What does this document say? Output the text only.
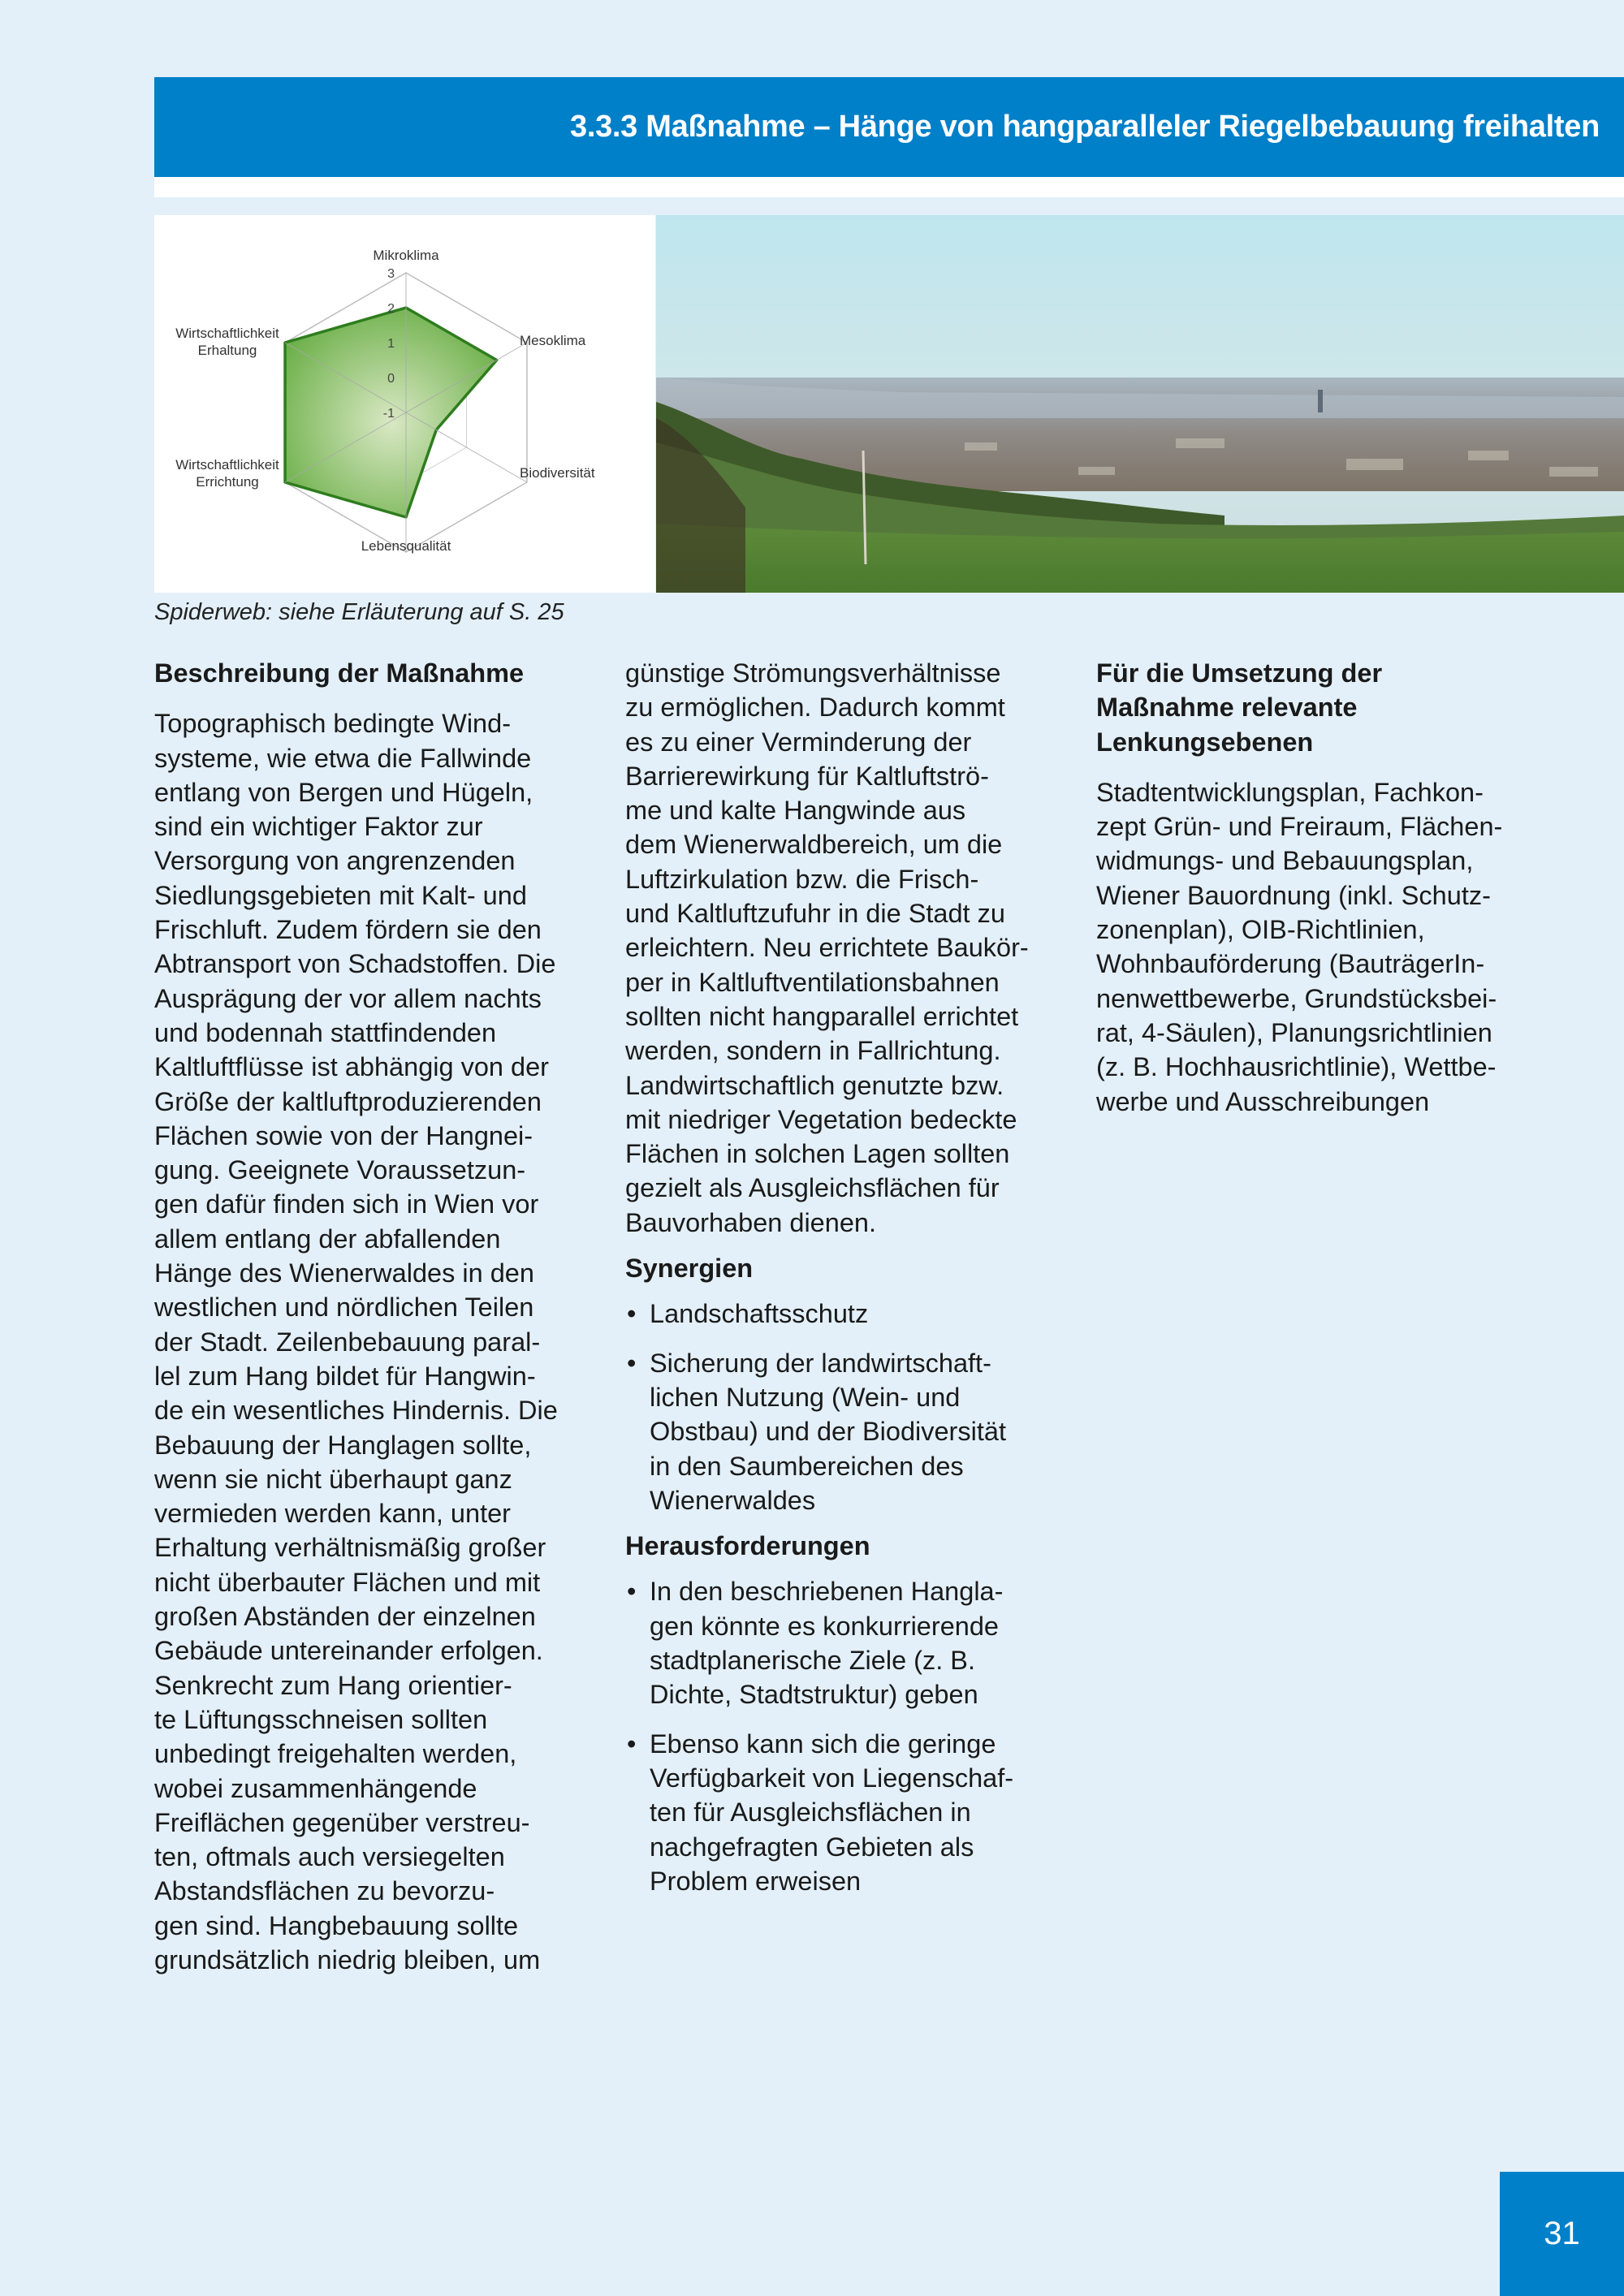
3.3.3 Maßnahme – Hänge von hangparalleler Riegelbebauung freihalten
3
2
1
0
-1
Mikroklima
Mesoklima
Biodiversität
Lebensqualität
Wirtschaftlichkeit
Errichtung
Wirtschaftlichkeit
Erhaltung
Spiderweb: siehe Erläuterung auf S. 25
Beschreibung der Maßnahme
Topographisch bedingte Wind-
systeme, wie etwa die Fallwinde
entlang von Bergen und Hügeln,
sind ein wichtiger Faktor zur
Versorgung von angrenzenden
Siedlungsgebieten mit Kalt- und
Frischluft. Zudem fördern sie den
Abtransport von Schadstoffen. Die
Ausprägung der vor allem nachts
und bodennah stattfindenden
Kaltluftflüsse ist abhängig von der
Größe der kaltluftproduzierenden
Flächen sowie von der Hangnei-
gung. Geeignete Voraussetzun-
gen dafür finden sich in Wien vor
allem entlang der abfallenden
Hänge des Wienerwaldes in den
westlichen und nördlichen Teilen
der Stadt. Zeilenbebauung paral-
lel zum Hang bildet für Hangwin-
de ein wesentliches Hindernis. Die
Bebauung der Hanglagen sollte,
wenn sie nicht überhaupt ganz
vermieden werden kann, unter
Erhaltung verhältnismäßig großer
nicht überbauter Flächen und mit
großen Abständen der einzelnen
Gebäude untereinander erfolgen.
Senkrecht zum Hang orientier-
te Lüftungsschneisen sollten
unbedingt freigehalten werden,
wobei zusammenhängende
Freiflächen gegenüber verstreu-
ten, oftmals auch versiegelten
Abstandsflächen zu bevorzu-
gen sind. Hangbebauung sollte
grundsätzlich niedrig bleiben, um
günstige Strömungsverhältnisse
zu ermöglichen. Dadurch kommt
es zu einer Verminderung der
Barrierewirkung für Kaltluftströ-
me und kalte Hangwinde aus
dem Wienerwaldbereich, um die
Luftzirkulation bzw. die Frisch-
und Kaltluftzufuhr in die Stadt zu
erleichtern. Neu errichtete Baukör-
per in Kaltluftventilationsbahnen
sollten nicht hangparallel errichtet
werden, sondern in Fallrichtung.
Landwirtschaftlich genutzte bzw.
mit niedriger Vegetation bedeckte
Flächen in solchen Lagen sollten
gezielt als Ausgleichsflächen für
Bauvorhaben dienen.
Synergien
• Landschaftsschutz
• Sicherung der landwirtschaft-
lichen Nutzung (Wein- und
Obstbau) und der Biodiversität
in den Saumbereichen des
Wienerwaldes
Herausforderungen
• In den beschriebenen Hangla-
gen könnte es konkurrierende
stadtplanerische Ziele (z. B.
Dichte, Stadtstruktur) geben
• Ebenso kann sich die geringe
Verfügbarkeit von Liegenschaf-
ten für Ausgleichsflächen in
nachgefragten Gebieten als
Problem erweisen
Für die Umsetzung der
Maßnahme relevante
Lenkungsebenen
Stadtentwicklungsplan, Fachkon-
zept Grün- und Freiraum, Flächen-
widmungs- und Bebauungsplan,
Wiener Bauordnung (inkl. Schutz-
zonenplan), OIB-Richtlinien,
Wohnbauförderung (BauträgerIn-
nenwettbewerbe, Grundstücksbei-
rat, 4-Säulen), Planungsrichtlinien
(z. B. Hochhausrichtlinie), Wettbe-
werbe und Ausschreibungen
31
